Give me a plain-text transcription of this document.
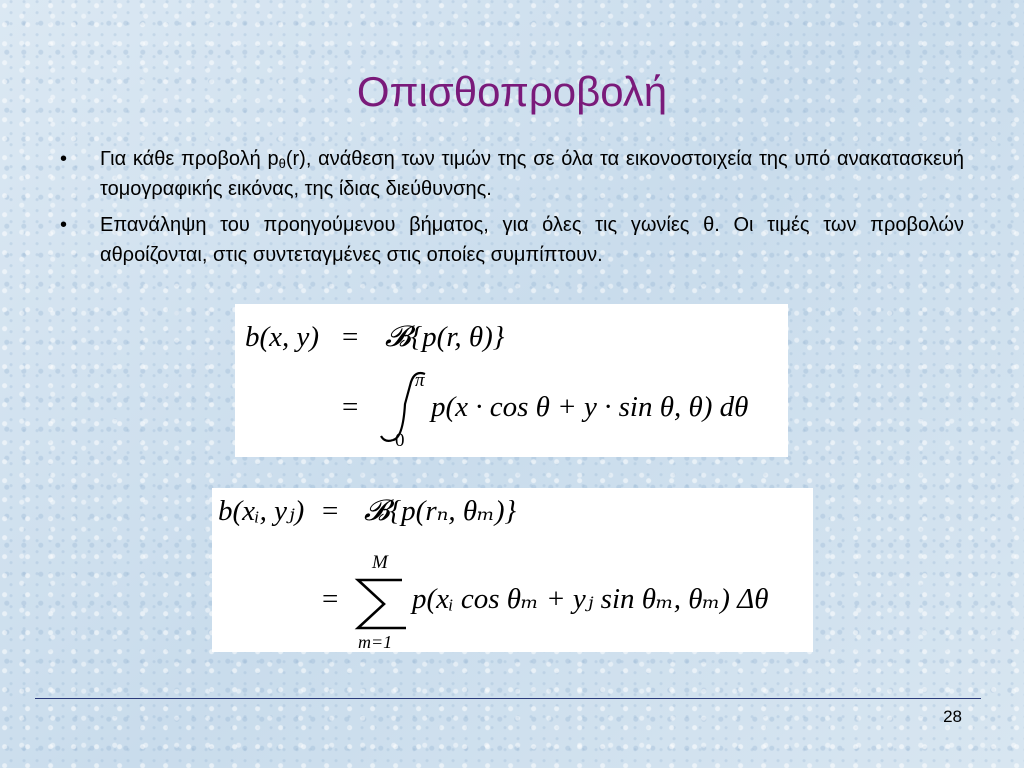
Οπισθοπροβολή
• Για κάθε προβολή $p_\theta(r)$, ανάθεση των τιμών της σε όλα τα εικονοστοιχεία της υπό ανακατασκευή τομογραφικής εικόνας, της ίδιας διεύθυνσης.
• Επανάληψη του προηγούμενου βήματος, για όλες τις γωνίες θ. Οι τιμές των προβολών αθροίζονται, στις συντεταγμένες στις οποίες συμπίπτουν.
b(x, y) = 𝓑{p(r, θ)}
=
π
0
p(x · cos θ + y · sin θ, θ) dθ
b(xᵢ, yⱼ) = 𝓑{p(rₙ, θₘ)}
=
M
m=1
p(xᵢ cos θₘ + yⱼ sin θₘ, θₘ) Δθ
28
